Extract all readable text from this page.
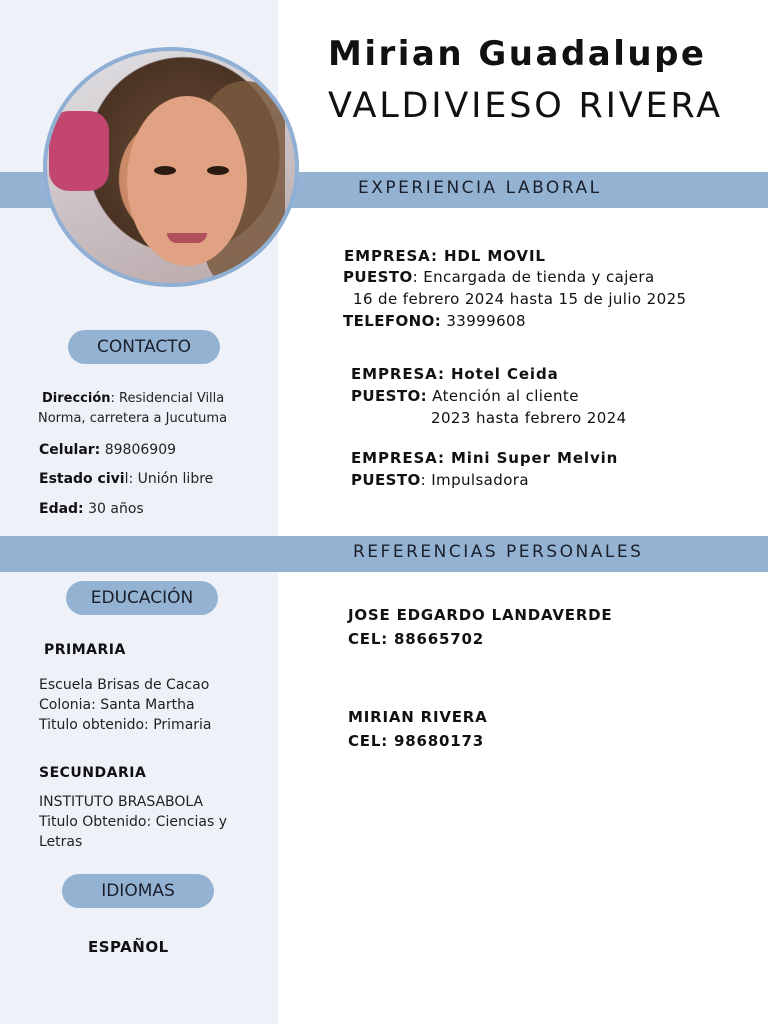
EXPERIENCIA LABORAL
REFERENCIAS PERSONALES
Mirian Guadalupe
VALDIVIESO RIVERA
CONTACTO
Dirección: Residencial Villa
Norma, carretera a Jucutuma
Celular: 89806909
Estado civil: Unión libre
Edad: 30 años
EDUCACIÓN
PRIMARIA
Escuela Brisas de Cacao
Colonia: Santa Martha
Titulo obtenido: Primaria
SECUNDARIA
INSTITUTO BRASABOLA
Titulo Obtenido: Ciencias y
Letras
IDIOMAS
ESPAÑOL
EMPRESA: HDL MOVIL
PUESTO: Encargada de tienda y cajera
16 de febrero 2024 hasta 15 de julio 2025
TELEFONO: 33999608
EMPRESA: Hotel Ceida
PUESTO: Atención al cliente
2023 hasta febrero 2024
EMPRESA: Mini Super Melvin
PUESTO: Impulsadora
JOSE EDGARDO LANDAVERDE
CEL: 88665702
MIRIAN RIVERA
CEL: 98680173
